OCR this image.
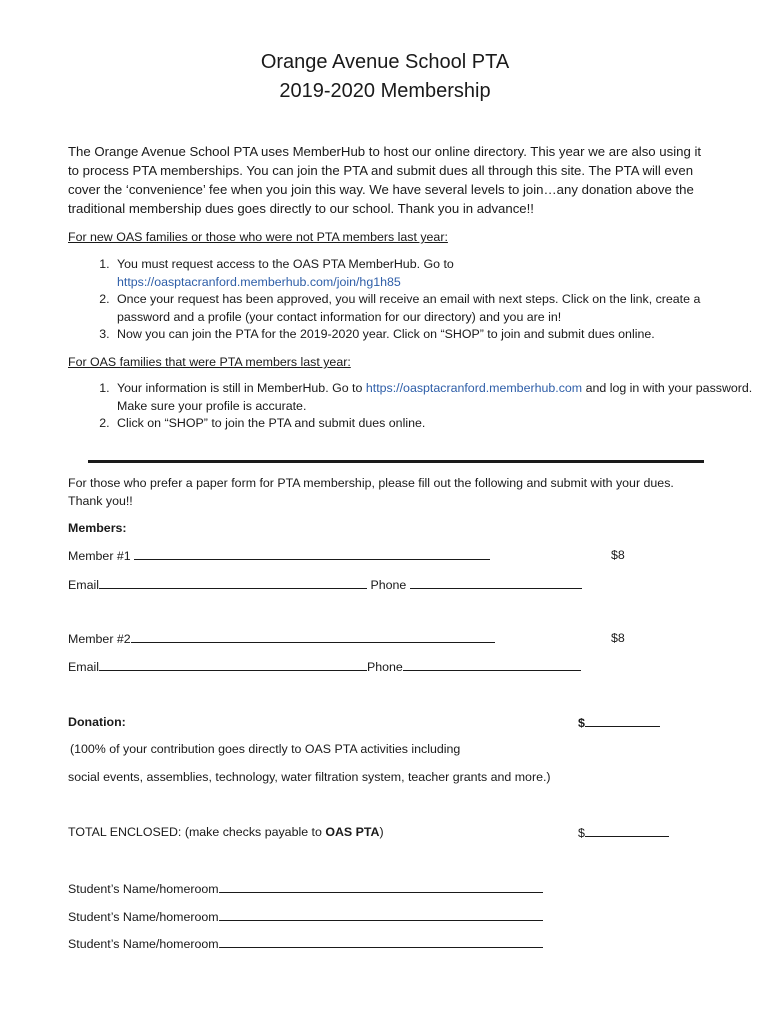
Orange Avenue School PTA
2019-2020 Membership
The Orange Avenue School PTA uses MemberHub to host our online directory. This year we are also using it to process PTA memberships. You can join the PTA and submit dues all through this site. The PTA will even cover the ‘convenience’ fee when you join this way. We have several levels to join…any donation above the traditional membership dues goes directly to our school. Thank you in advance!!
For new OAS families or those who were not PTA members last year:
1. You must request access to the OAS PTA MemberHub. Go to
https://oasptacranford.memberhub.com/join/hg1h85
2. Once your request has been approved, you will receive an email with next steps. Click on the link, create a password and a profile (your contact information for our directory) and you are in!
3. Now you can join the PTA for the 2019-2020 year. Click on “SHOP” to join and submit dues online.
For OAS families that were PTA members last year:
1. Your information is still in MemberHub. Go to https://oasptacranford.memberhub.com and log in with your password. Make sure your profile is accurate.
2. Click on “SHOP” to join the PTA and submit dues online.
For those who prefer a paper form for PTA membership, please fill out the following and submit with your dues. Thank you!!
Members:
Member #1	$8
Email	Phone
Member #2	$8
Email	Phone
Donation:	$
(100% of your contribution goes directly to OAS PTA activities including
social events, assemblies, technology, water filtration system, teacher grants and more.)
TOTAL ENCLOSED: (make checks payable to OAS PTA)	$
Student’s Name/homeroom
Student’s Name/homeroom
Student’s Name/homeroom
